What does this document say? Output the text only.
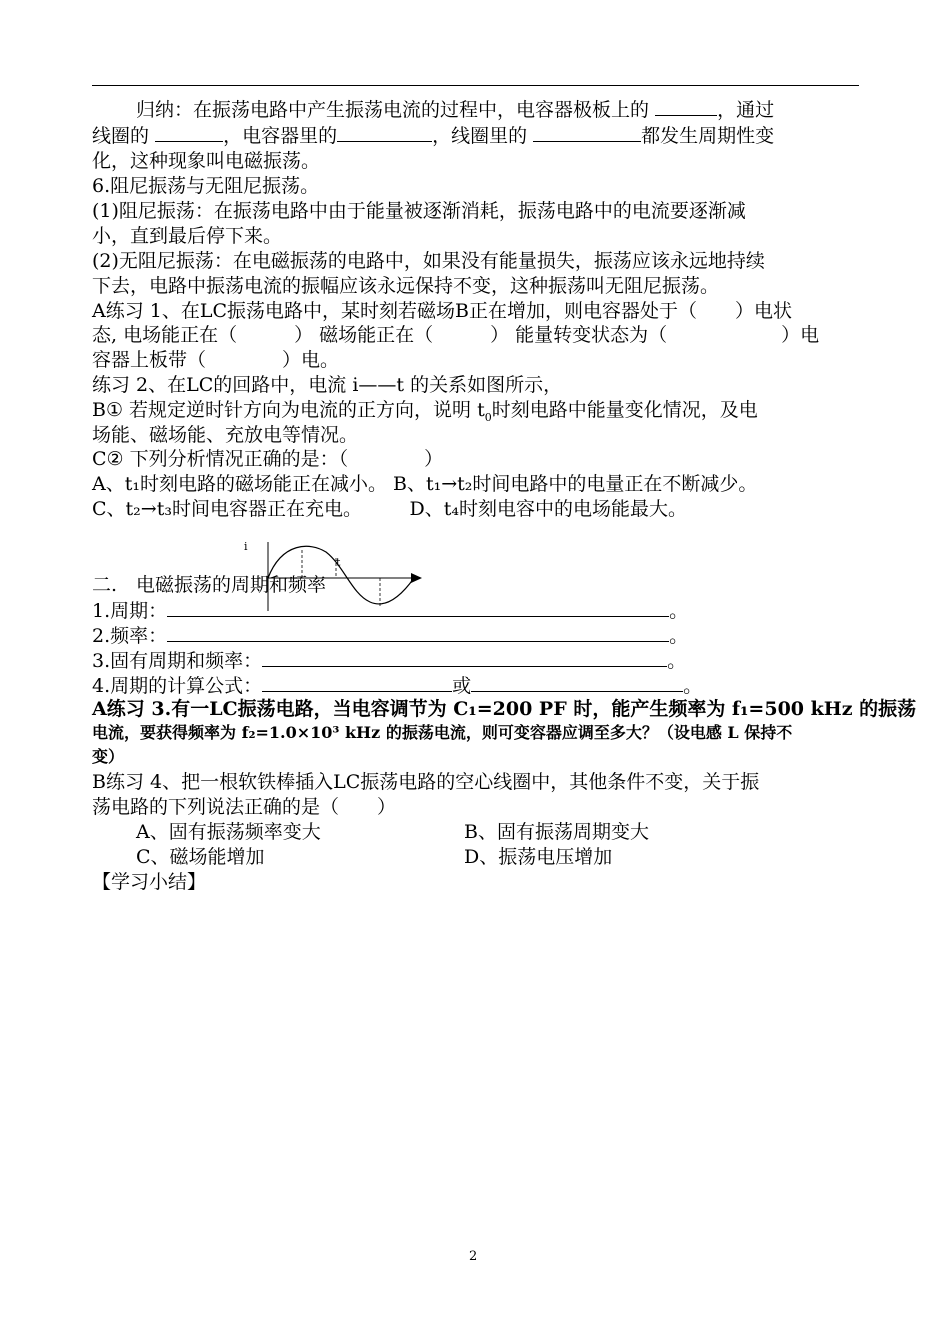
归纳：在振荡电路中产生振荡电流的过程中，电容器极板上的	，通过
线圈的	，电容器里的	，线圈里的	都发生周期性变
化，这种现象叫电磁振荡。
6.阻尼振荡与无阻尼振荡。
(1)阻尼振荡：在振荡电路中由于能量被逐渐消耗，振荡电路中的电流要逐渐减
小，直到最后停下来。
(2)无阻尼振荡：在电磁振荡的电路中，如果没有能量损失，振荡应该永远地持续
下去，电路中振荡电流的振幅应该永远保持不变，这种振荡叫无阻尼振荡。
A练习 1、在LC振荡电路中，某时刻若磁场B正在增加，则电容器处于（　　）电状
态, 电场能正在（　　　） 磁场能正在（　　　） 能量转变状态为（　　　　　　）电
容器上板带（　　　　）电。
练习 2、在LC的回路中，电流 i——t 的关系如图所示，
B① 若规定逆时针方向为电流的正方向，说明 $t_0$时刻电路中能量变化情况，及电
场能、磁场能、充放电等情况。
C② 下列分析情况正确的是：（　　　　）
A、t₁时刻电路的磁场能正在减小。 B、t₁→t₂时间电路中的电量正在不断减少。
C、t₂→t₃时间电容器正在充电。　　　D、t₄时刻电容中的电场能最大。
i
t
二.　电磁振荡的周期和频率
1.周期：	。
2.频率：	。
3.固有周期和频率：	。
4.周期的计算公式：	或	。
A练习 3.有一LC振荡电路，当电容调节为 C₁=200 PF 时，能产生频率为 f₁=500 kHz 的振荡
电流，要获得频率为 f₂=1.0×10³ kHz 的振荡电流，则可变容器应调至多大？（设电感 L 保持不
变）
B练习 4、把一根软铁棒插入LC振荡电路的空心线圈中，其他条件不变，关于振
荡电路的下列说法正确的是（　　）
A、固有振荡频率变大	B、固有振荡周期变大
C、磁场能增加	D、振荡电压增加
【学习小结】
2
